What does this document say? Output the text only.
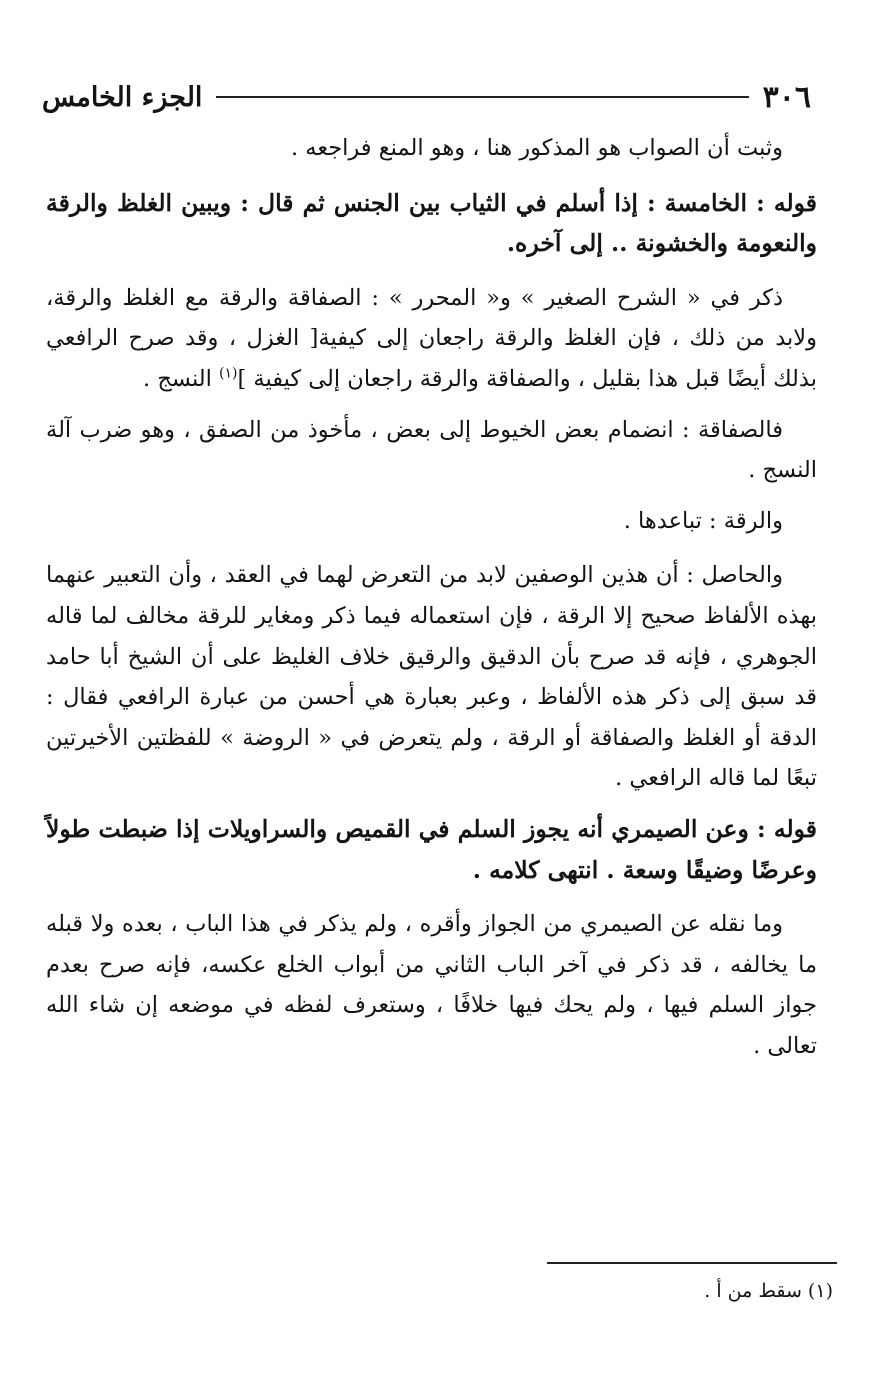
٣٠٦
الجزء الخامس

وثبت أن الصواب هو المذكور هنا ، وهو المنع فراجعه .

قوله : الخامسة : إذا أسلم في الثياب بين الجنس ثم قال : ويبين الغلظ والرقة والنعومة والخشونة .. إلى آخره.

ذكر في « الشرح الصغير » و« المحرر » : الصفاقة والرقة مع الغلظ والرقة، ولابد من ذلك ، فإن الغلظ والرقة راجعان إلى كيفية[ الغزل ، وقد صرح الرافعي بذلك أيضًا قبل هذا بقليل ، والصفاقة والرقة راجعان إلى كيفية ]$^{(١)}$ النسج .

فالصفاقة : انضمام بعض الخيوط إلى بعض ، مأخوذ من الصفق ، وهو ضرب آلة النسج .

والرقة : تباعدها .

والحاصل : أن هذين الوصفين لابد من التعرض لهما في العقد ، وأن التعبير عنهما بهذه الألفاظ صحيح إلا الرقة ، فإن استعماله فيما ذكر ومغاير للرقة مخالف لما قاله الجوهري ، فإنه قد صرح بأن الدقيق والرقيق خلاف الغليظ على أن الشيخ أبا حامد قد سبق إلى ذكر هذه الألفاظ ، وعبر بعبارة هي أحسن من عبارة الرافعي فقال : الدقة أو الغلظ والصفاقة أو الرقة ، ولم يتعرض في « الروضة » للفظتين الأخيرتين تبعًا لما قاله الرافعي .

قوله : وعن الصيمري أنه يجوز السلم في القميص والسراويلات إذا ضبطت طولاً وعرضًا وضيقًا وسعة . انتهى كلامه .

وما نقله عن الصيمري من الجواز وأقره ، ولم يذكر في هذا الباب ، بعده ولا قبله ما يخالفه ، قد ذكر في آخر الباب الثاني من أبواب الخلع عكسه، فإنه صرح بعدم جواز السلم فيها ، ولم يحك فيها خلافًا ، وستعرف لفظه في موضعه إن شاء الله تعالى .

(١) سقط من أ .
